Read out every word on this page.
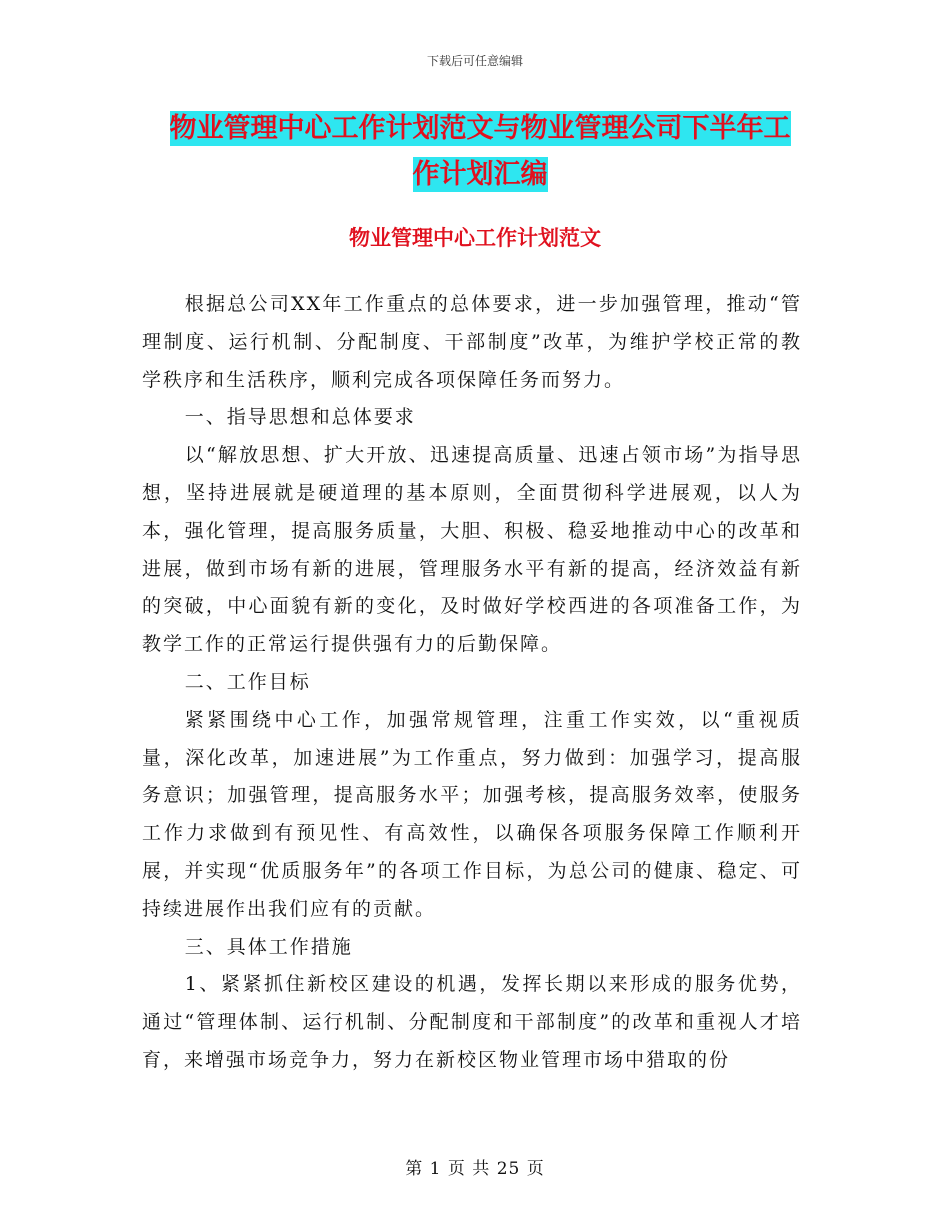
下载后可任意编辑
物业管理中心工作计划范文与物业管理公司下半年工
作计划汇编
物业管理中心工作计划范文

根据总公司XX年工作重点的总体要求，进一步加强管理，推动“管理制度、运行机制、分配制度、干部制度”改革，为维护学校正常的教学秩序和生活秩序，顺利完成各项保障任务而努力。

一、指导思想和总体要求

以“解放思想、扩大开放、迅速提高质量、迅速占领市场”为指导思想，坚持进展就是硬道理的基本原则，全面贯彻科学进展观，以人为本，强化管理，提高服务质量，大胆、积极、稳妥地推动中心的改革和进展，做到市场有新的进展，管理服务水平有新的提高，经济效益有新的突破，中心面貌有新的变化，及时做好学校西进的各项准备工作，为教学工作的正常运行提供强有力的后勤保障。

二、工作目标

紧紧围绕中心工作，加强常规管理，注重工作实效，以“重视质量，深化改革，加速进展”为工作重点，努力做到：加强学习，提高服务意识；加强管理，提高服务水平；加强考核，提高服务效率，使服务工作力求做到有预见性、有高效性，以确保各项服务保障工作顺利开展，并实现“优质服务年”的各项工作目标，为总公司的健康、稳定、可持续进展作出我们应有的贡献。

三、具体工作措施

1、紧紧抓住新校区建设的机遇，发挥长期以来形成的服务优势，通过“管理体制、运行机制、分配制度和干部制度”的改革和重视人才培育，来增强市场竞争力，努力在新校区物业管理市场中猎取的份

第 1 页 共 25 页
